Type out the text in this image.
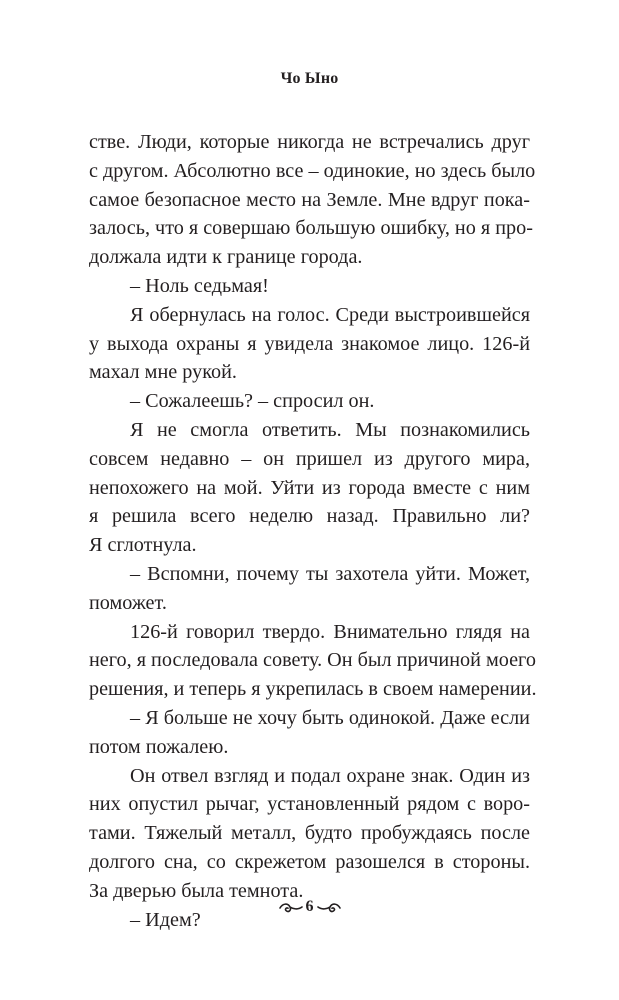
Чо Ыно
стве. Люди, которые никогда не встречались друг
с другом. Абсолютно все – одинокие, но здесь было
самое безопасное место на Земле. Мне вдруг пока-
залось, что я совершаю большую ошибку, но я про-
должала идти к границе города.
– Ноль седьмая!
Я обернулась на голос. Среди выстроившейся
у выхода охраны я увидела знакомое лицо. 126-й
махал мне рукой.
– Сожалеешь? – спросил он.
Я не смогла ответить. Мы познакомились
совсем недавно – он пришел из другого мира,
непохожего на мой. Уйти из города вместе с ним
я решила всего неделю назад. Правильно ли?
Я сглотнула.
– Вспомни, почему ты захотела уйти. Может,
поможет.
126-й говорил твердо. Внимательно глядя на
него, я последовала совету. Он был причиной моего
решения, и теперь я укрепилась в своем намерении.
– Я больше не хочу быть одинокой. Даже если
потом пожалею.
Он отвел взгляд и подал охране знак. Один из
них опустил рычаг, установленный рядом с воро-
тами. Тяжелый металл, будто пробуждаясь после
долгого сна, со скрежетом разошелся в стороны.
За дверью была темнота.
– Идем?
6
